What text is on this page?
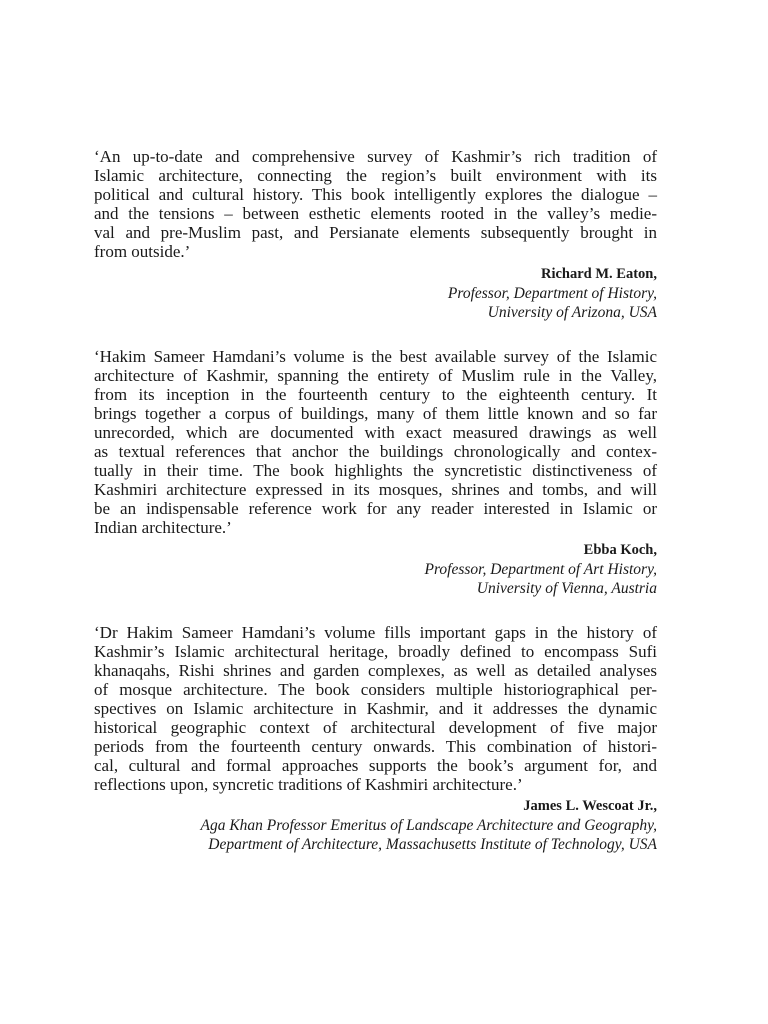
‘An up-to-date and comprehensive survey of Kashmir’s rich tradition of
Islamic architecture, connecting the region’s built environment with its
political and cultural history. This book intelligently explores the dialogue –
and the tensions – between esthetic elements rooted in the valley’s medie-
val and pre-Muslim past, and Persianate elements subsequently brought in
from outside.’
Richard M. Eaton,
Professor, Department of History,
University of Arizona, USA
‘Hakim Sameer Hamdani’s volume is the best available survey of the Islamic
architecture of Kashmir, spanning the entirety of Muslim rule in the Valley,
from its inception in the fourteenth century to the eighteenth century. It
brings together a corpus of buildings, many of them little known and so far
unrecorded, which are documented with exact measured drawings as well
as textual references that anchor the buildings chronologically and contex-
tually in their time. The book highlights the syncretistic distinctiveness of
Kashmiri architecture expressed in its mosques, shrines and tombs, and will
be an indispensable reference work for any reader interested in Islamic or
Indian architecture.’
Ebba Koch,
Professor, Department of Art History,
University of Vienna, Austria
‘Dr Hakim Sameer Hamdani’s volume fills important gaps in the history of
Kashmir’s Islamic architectural heritage, broadly defined to encompass Sufi
khanaqahs, Rishi shrines and garden complexes, as well as detailed analyses
of mosque architecture. The book considers multiple historiographical per-
spectives on Islamic architecture in Kashmir, and it addresses the dynamic
historical geographic context of architectural development of five major
periods from the fourteenth century onwards. This combination of histori-
cal, cultural and formal approaches supports the book’s argument for, and
reflections upon, syncretic traditions of Kashmiri architecture.’
James L. Wescoat Jr.,
Aga Khan Professor Emeritus of Landscape Architecture and Geography,
Department of Architecture, Massachusetts Institute of Technology, USA
